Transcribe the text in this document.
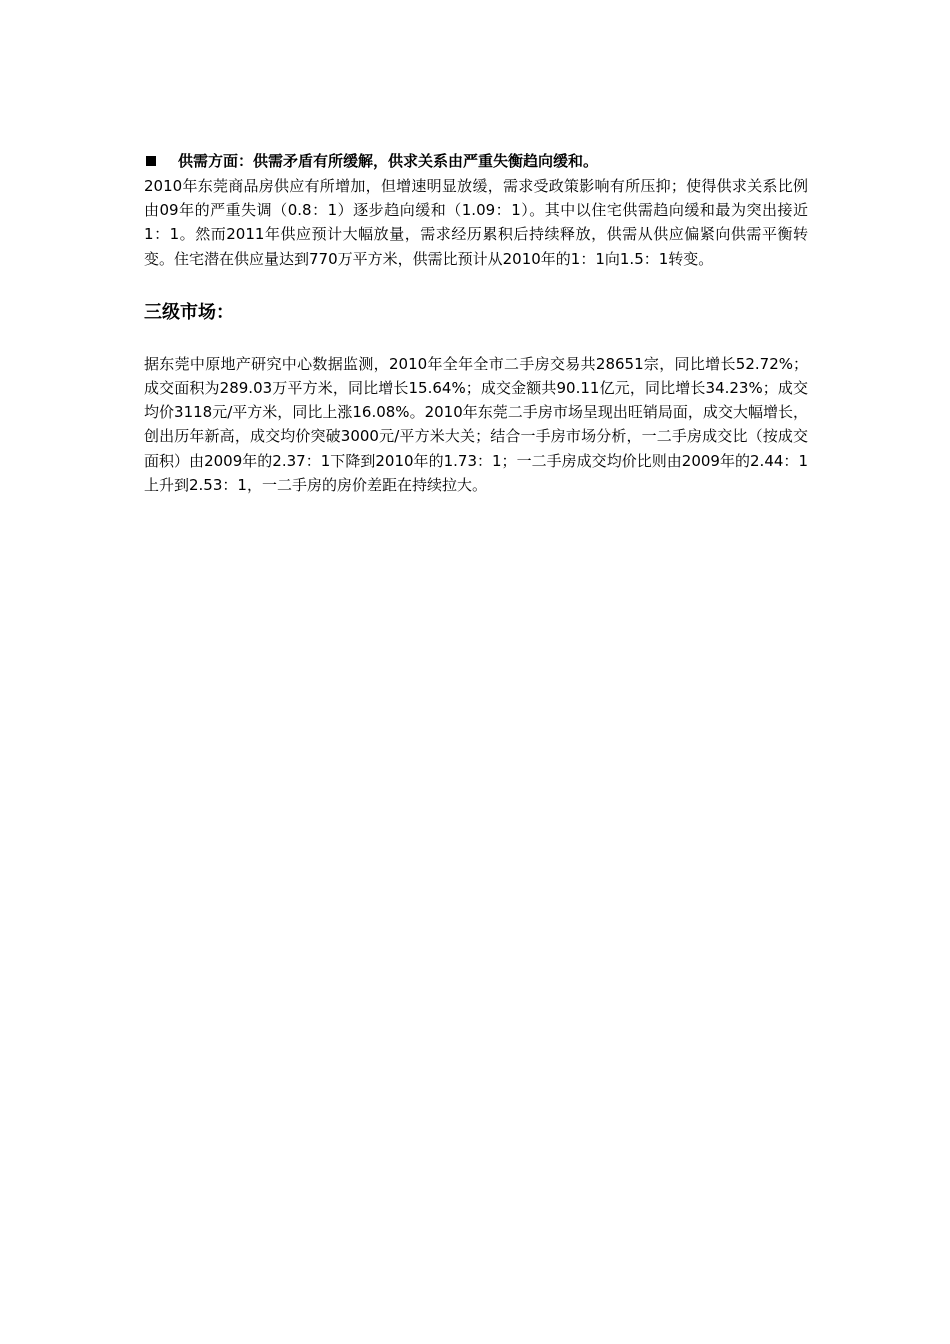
供需方面：供需矛盾有所缓解，供求关系由严重失衡趋向缓和。

2010年东莞商品房供应有所增加，但增速明显放缓，需求受政策影响有所压抑；使得供求关系比例由09年的严重失调（0.8：1）逐步趋向缓和（1.09：1）。其中以住宅供需趋向缓和最为突出接近1：1。然而2011年供应预计大幅放量，需求经历累积后持续释放，供需从供应偏紧向供需平衡转变。住宅潜在供应量达到770万平方米，供需比预计从2010年的1：1向1.5：1转变。

三级市场：

据东莞中原地产研究中心数据监测，2010年全年全市二手房交易共28651宗，同比增长52.72%；成交面积为289.03万平方米，同比增长15.64%；成交金额共90.11亿元，同比增长34.23%；成交均价3118元/平方米，同比上涨16.08%。2010年东莞二手房市场呈现出旺销局面，成交大幅增长，创出历年新高，成交均价突破3000元/平方米大关；结合一手房市场分析，一二手房成交比（按成交面积）由2009年的2.37：1下降到2010年的1.73：1；一二手房成交均价比则由2009年的2.44：1上升到2.53：1，一二手房的房价差距在持续拉大。
